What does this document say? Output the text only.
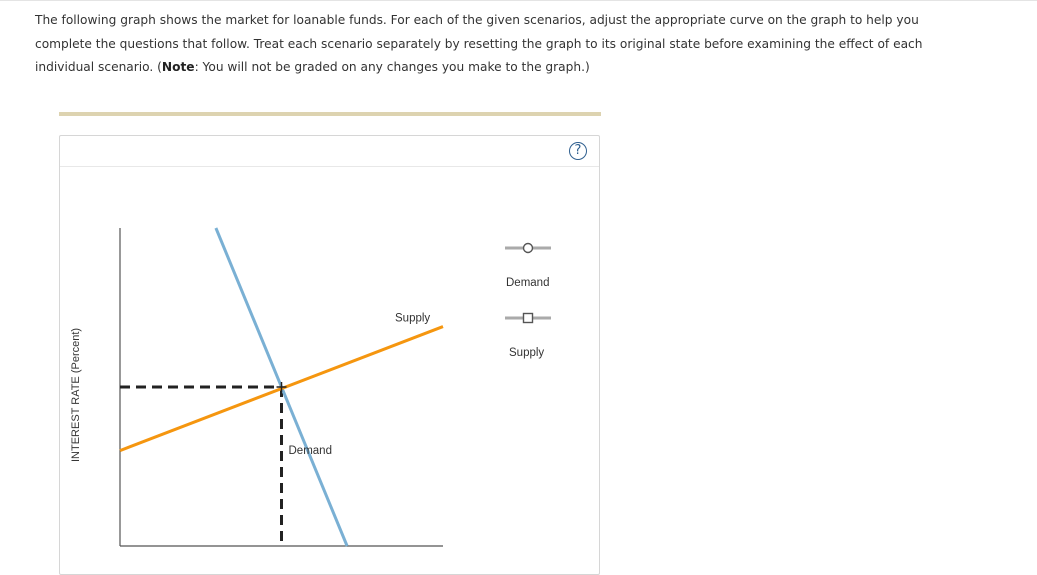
The following graph shows the market for loanable funds. For each of the given scenarios, adjust the appropriate curve on the graph to help you
complete the questions that follow. Treat each scenario separately by resetting the graph to its original state before examining the effect of each
individual scenario. (Note: You will not be graded on any changes you make to the graph.)
?
Supply
Demand
INTEREST RATE (Percent)
Demand
Supply
